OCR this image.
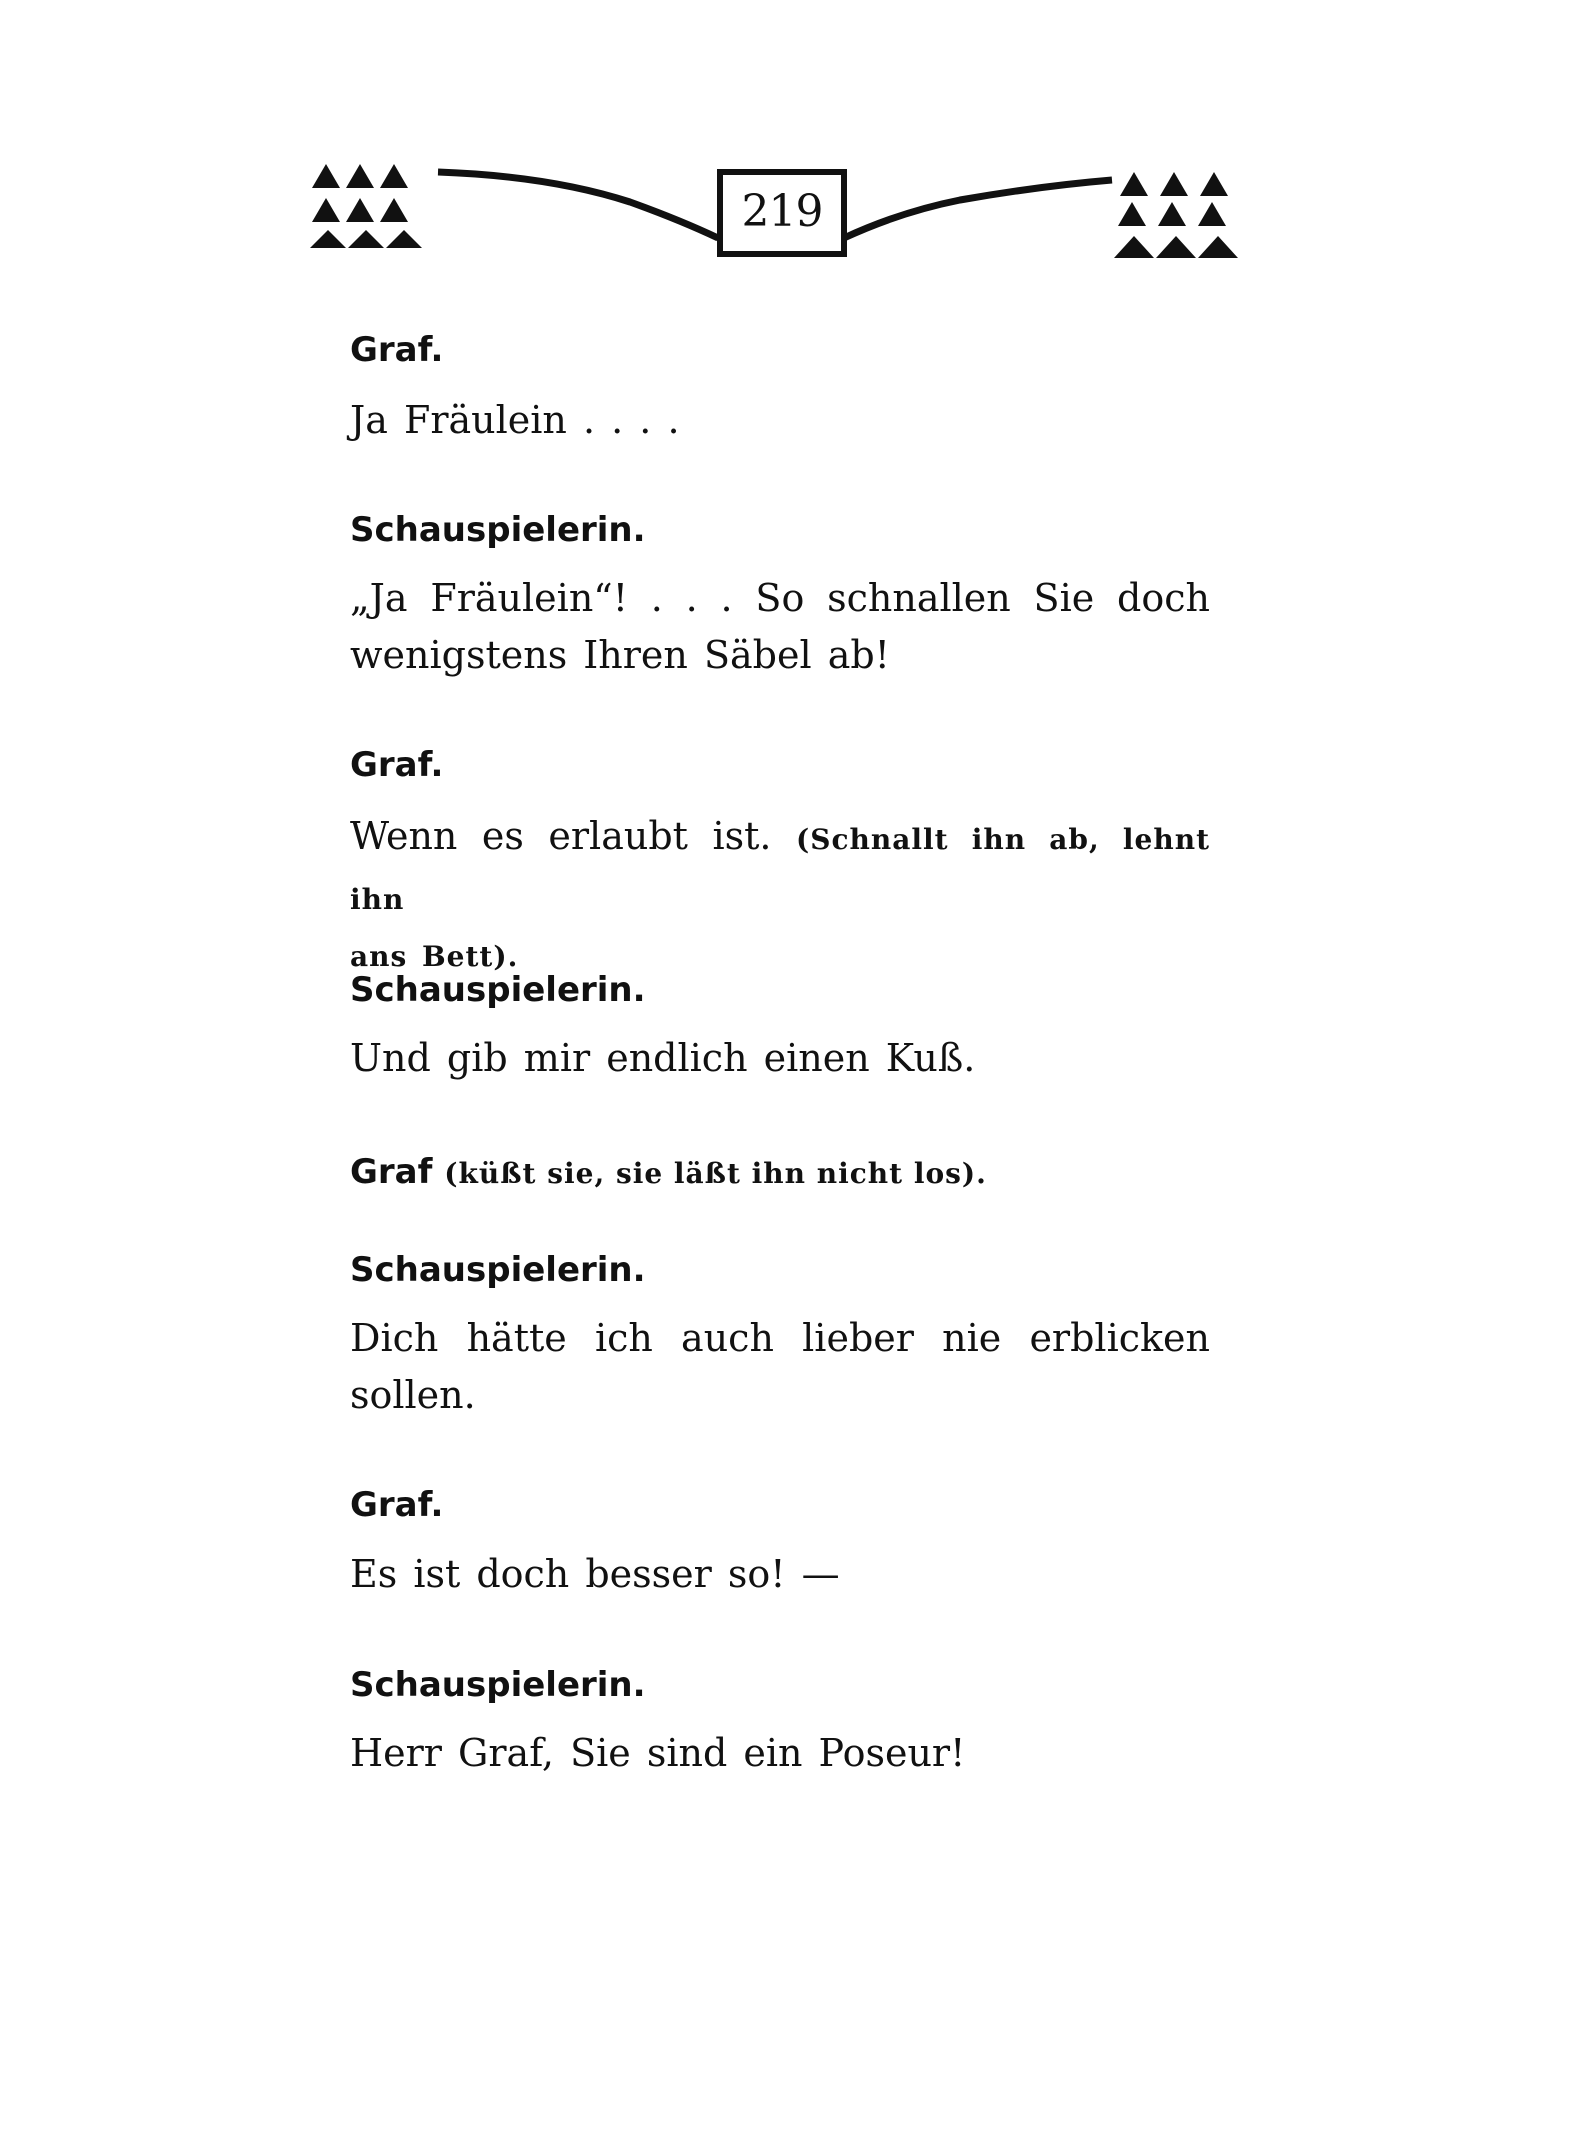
219
Graf.
Ja Fräulein . . . .
Schauspielerin.
„Ja Fräulein“! . . . So schnallen Sie doch
wenigstens Ihren Säbel ab!
Graf.
Wenn es erlaubt ist. (Schnallt ihn ab, lehnt ihn
ans Bett).
Schauspielerin.
Und gib mir endlich einen Kuß.
Graf (küßt sie, sie läßt ihn nicht los).
Schauspielerin.
Dich hätte ich auch lieber nie erblicken
sollen.
Graf.
Es ist doch besser so! —
Schauspielerin.
Herr Graf, Sie sind ein Poseur!
